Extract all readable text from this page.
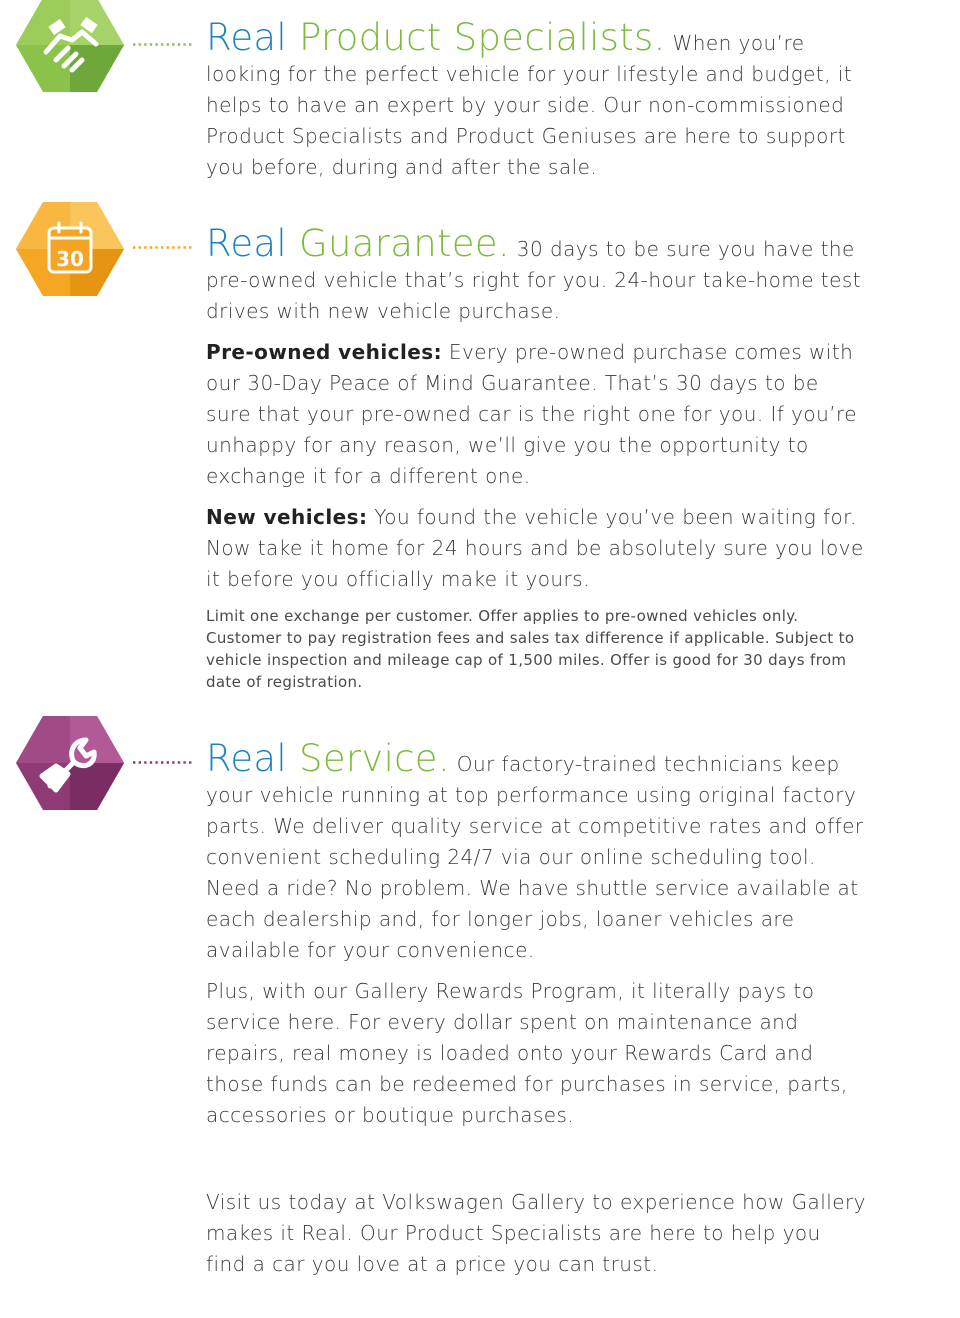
Real Product Specialists. When you’re looking for the perfect vehicle for your lifestyle and budget, it helps to have an expert by your side. Our non-commissioned Product Specialists and Product Geniuses are here to support you before, during and after the sale.

30	Real Guarantee. 30 days to be sure you have the pre-owned vehicle that’s right for you. 24-hour take-home test drives with new vehicle purchase.

Pre-owned vehicles: Every pre-owned purchase comes with our 30-Day Peace of Mind Guarantee. That’s 30 days to be sure that your pre-owned car is the right one for you. If you’re unhappy for any reason, we’ll give you the opportunity to exchange it for a different one.

New vehicles: You found the vehicle you’ve been waiting for. Now take it home for 24 hours and be absolutely sure you love it before you officially make it yours.

Limit one exchange per customer. Offer applies to pre-owned vehicles only. Customer to pay registration fees and sales tax difference if applicable. Subject to vehicle inspection and mileage cap of 1,500 miles. Offer is good for 30 days from date of registration.

Real Service. Our factory-trained technicians keep your vehicle running at top performance using original factory parts. We deliver quality service at competitive rates and offer convenient scheduling 24/7 via our online scheduling tool. Need a ride? No problem. We have shuttle service available at each dealership and, for longer jobs, loaner vehicles are available for your convenience.

Plus, with our Gallery Rewards Program, it literally pays to service here. For every dollar spent on maintenance and repairs, real money is loaded onto your Rewards Card and those funds can be redeemed for purchases in service, parts, accessories or boutique purchases.

Visit us today at Volkswagen Gallery to experience how Gallery makes it Real. Our Product Specialists are here to help you find a car you love at a price you can trust.
